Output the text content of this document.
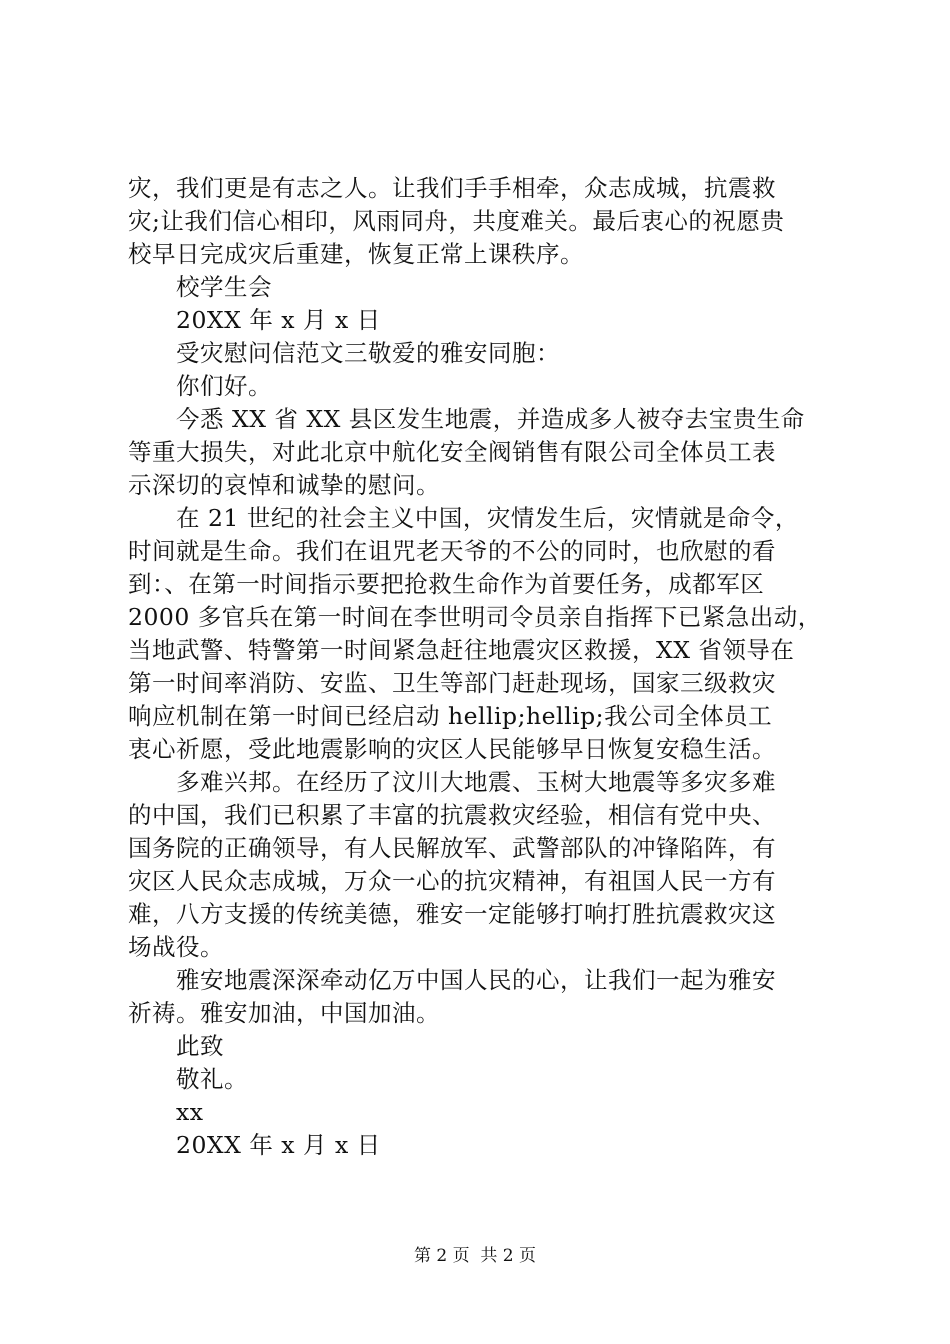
灾，我们更是有志之人。让我们手手相牵，众志成城，抗震救
灾;让我们信心相印，风雨同舟，共度难关。最后衷心的祝愿贵
校早日完成灾后重建，恢复正常上课秩序。
校学生会
20XX 年 x 月 x 日
受灾慰问信范文三敬爱的雅安同胞：
你们好。
今悉 XX 省 XX 县区发生地震，并造成多人被夺去宝贵生命
等重大损失，对此北京中航化安全阀销售有限公司全体员工表
示深切的哀悼和诚挚的慰问。
在 21 世纪的社会主义中国，灾情发生后，灾情就是命令，
时间就是生命。我们在诅咒老天爷的不公的同时，也欣慰的看
到：、在第一时间指示要把抢救生命作为首要任务，成都军区
2000 多官兵在第一时间在李世明司令员亲自指挥下已紧急出动，
当地武警、特警第一时间紧急赶往地震灾区救援，XX 省领导在
第一时间率消防、安监、卫生等部门赶赴现场，国家三级救灾
响应机制在第一时间已经启动 hellip;hellip;我公司全体员工
衷心祈愿，受此地震影响的灾区人民能够早日恢复安稳生活。
多难兴邦。在经历了汶川大地震、玉树大地震等多灾多难
的中国，我们已积累了丰富的抗震救灾经验，相信有党中央、
国务院的正确领导，有人民解放军、武警部队的冲锋陷阵，有
灾区人民众志成城，万众一心的抗灾精神，有祖国人民一方有
难，八方支援的传统美德，雅安一定能够打响打胜抗震救灾这
场战役。
雅安地震深深牵动亿万中国人民的心，让我们一起为雅安
祈祷。雅安加油，中国加油。
此致
敬礼。
xx
20XX 年 x 月 x 日
第 2 页  共 2 页
